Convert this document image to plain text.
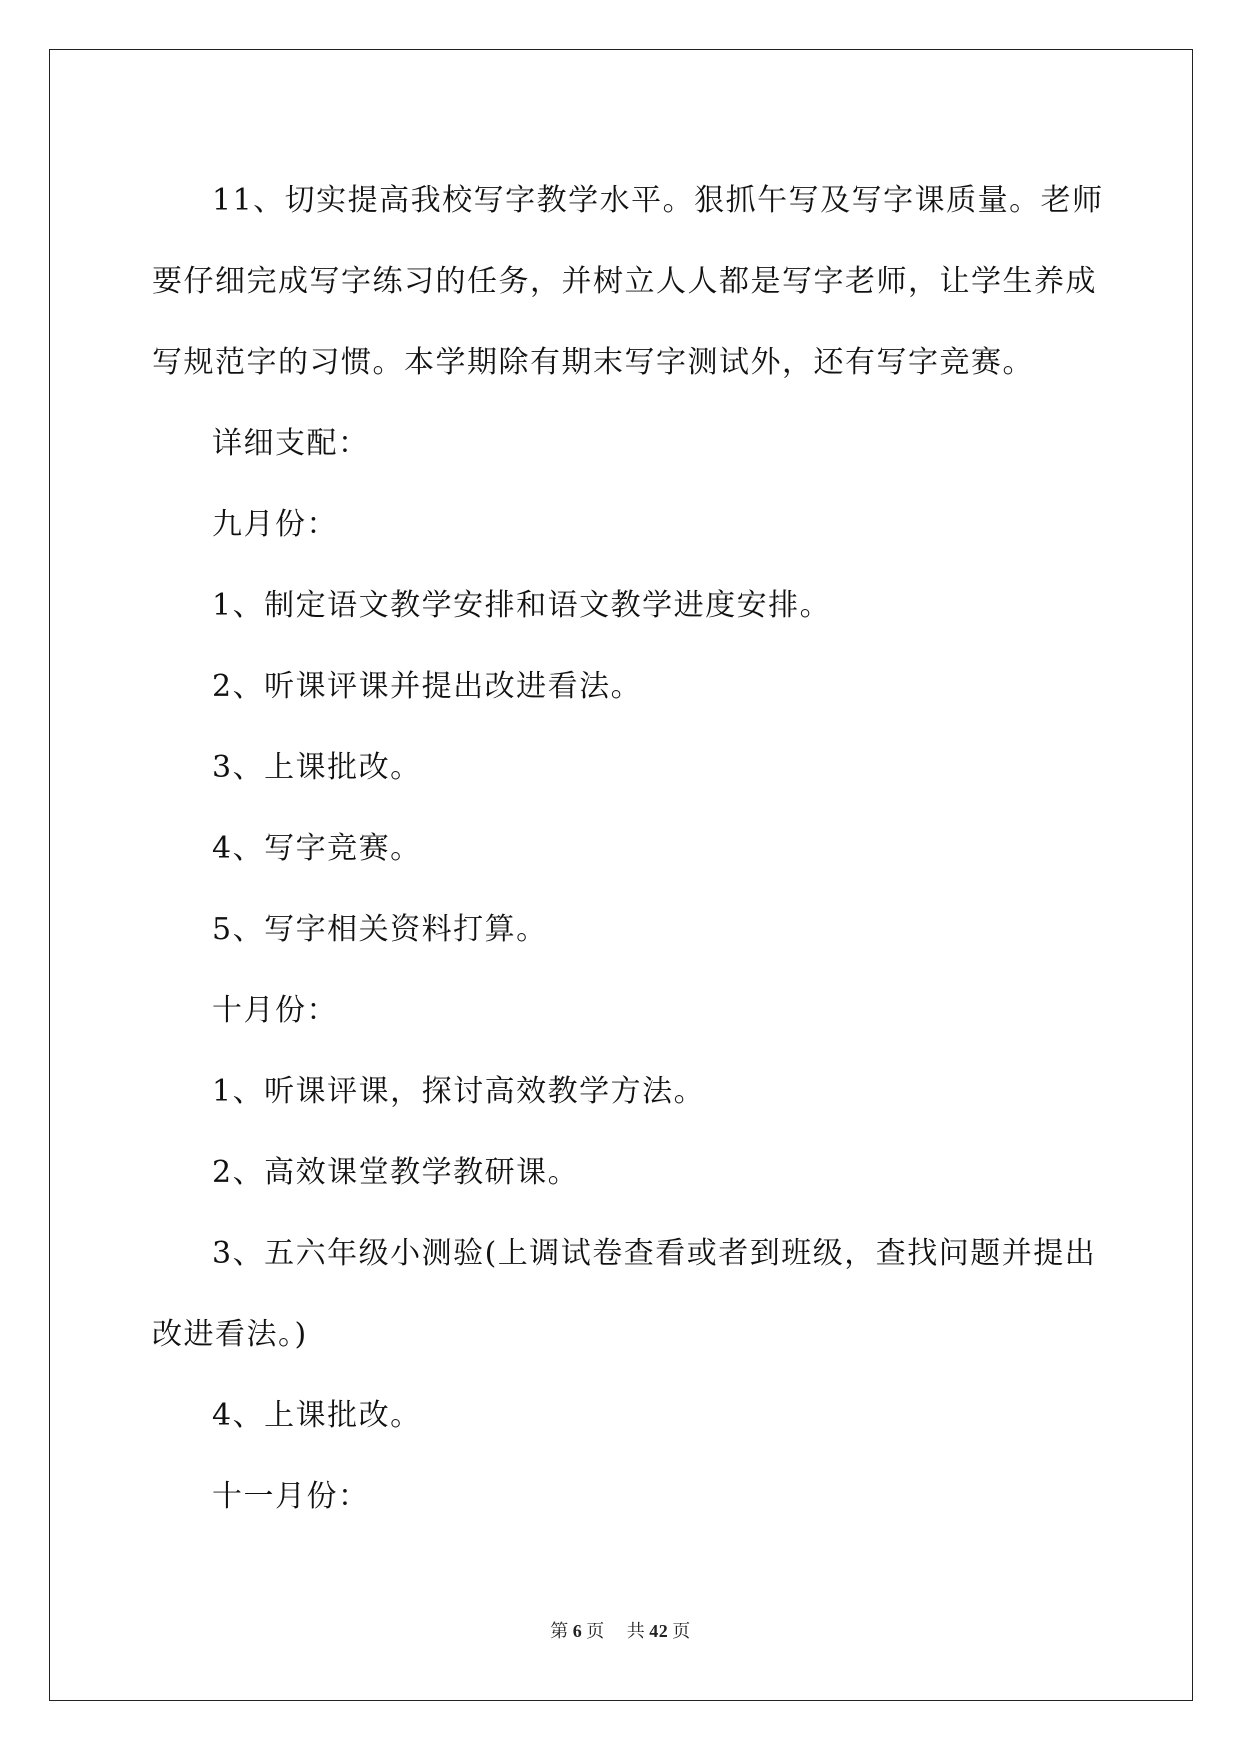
11、切实提高我校写字教学水平。狠抓午写及写字课质量。老师
要仔细完成写字练习的任务，并树立人人都是写字老师，让学生养成
写规范字的习惯。本学期除有期末写字测试外，还有写字竞赛。

详细支配：

九月份：

1、制定语文教学安排和语文教学进度安排。

2、听课评课并提出改进看法。

3、上课批改。

4、写字竞赛。

5、写字相关资料打算。

十月份：

1、听课评课，探讨高效教学方法。

2、高效课堂教学教研课。

3、五六年级小测验(上调试卷查看或者到班级，查找问题并提出
改进看法。)

4、上课批改。

十一月份：

第 6 页 共 42 页
